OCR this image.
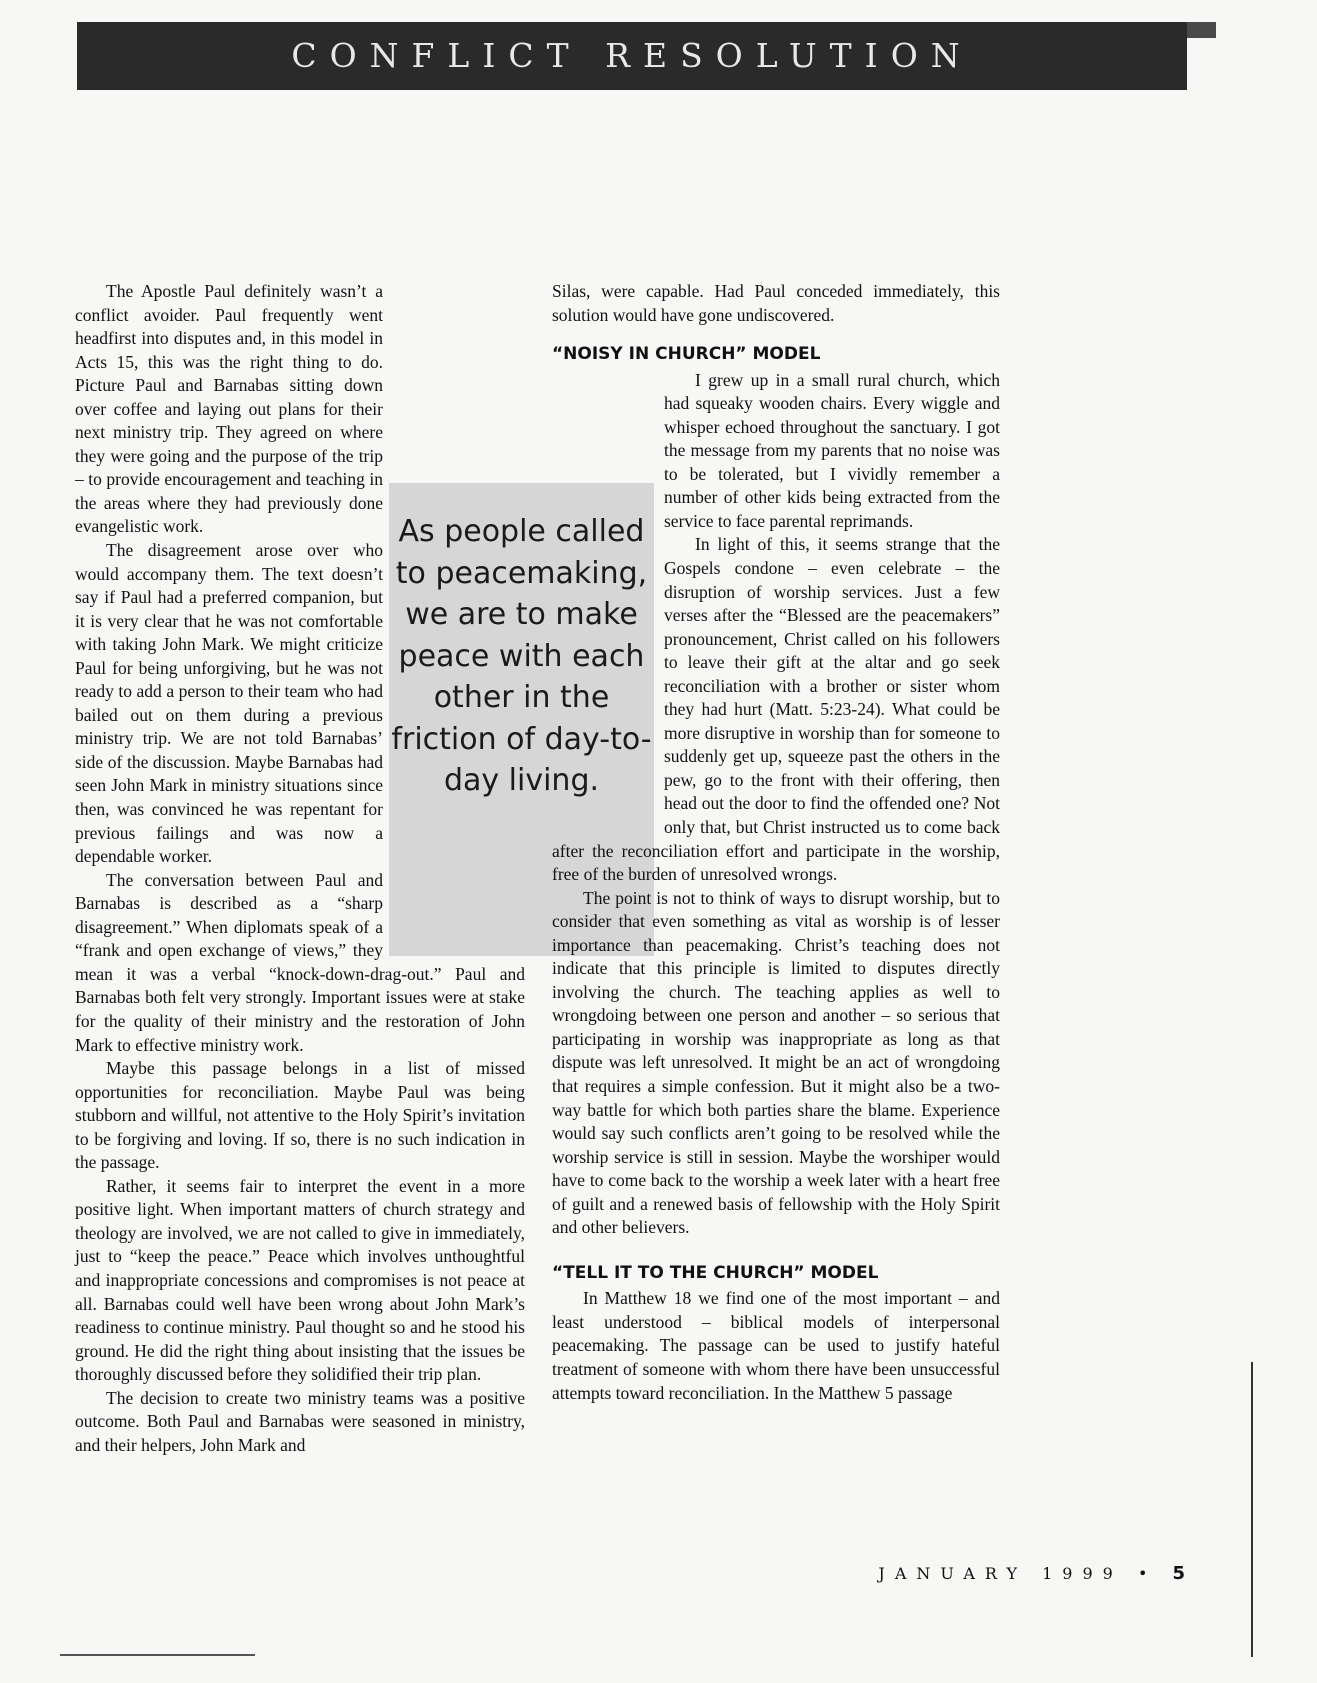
CONFLICT RESOLUTION
As people called to peacemaking, we are to make peace with each other in the friction of day-to-day living.

The Apostle Paul definitely wasn’t a conflict avoider. Paul frequently went headfirst into disputes and, in this model in Acts 15, this was the right thing to do. Picture Paul and Barnabas sitting down over coffee and laying out plans for their next ministry trip. They agreed on where they were going and the purpose of the trip – to provide encouragement and teaching in the areas where they had previously done evangelistic work.

The disagreement arose over who would accompany them. The text doesn’t say if Paul had a preferred companion, but it is very clear that he was not comfortable with taking John Mark. We might criticize Paul for being unforgiving, but he was not ready to add a person to their team who had bailed out on them during a previous ministry trip. We are not told Barnabas’ side of the discussion. Maybe Barnabas had seen John Mark in ministry situations since then, was convinced he was repentant for previous failings and was now a dependable worker.

The conversation between Paul and Barnabas is described as a “sharp disagreement.” When diplomats speak of a “frank and open exchange of views,” they mean it was a verbal “knock-down-drag-out.” Paul and Barnabas both felt very strongly. Important issues were at stake for the quality of their ministry and the restoration of John Mark to effective ministry work.

Maybe this passage belongs in a list of missed opportunities for reconciliation. Maybe Paul was being stubborn and willful, not attentive to the Holy Spirit’s invitation to be forgiving and loving. If so, there is no such indication in the passage.

Rather, it seems fair to interpret the event in a more positive light. When important matters of church strategy and theology are involved, we are not called to give in immediately, just to “keep the peace.” Peace which involves unthoughtful and inappropriate concessions and compromises is not peace at all. Barnabas could well have been wrong about John Mark’s readiness to continue ministry. Paul thought so and he stood his ground. He did the right thing about insisting that the issues be thoroughly discussed before they solidified their trip plan.

The decision to create two ministry teams was a positive outcome. Both Paul and Barnabas were seasoned in ministry, and their helpers, John Mark and

Silas, were capable. Had Paul conceded immediately, this solution would have gone undiscovered.

“NOISY IN CHURCH” MODEL

I grew up in a small rural church, which had squeaky wooden chairs. Every wiggle and whisper echoed throughout the sanctuary. I got the message from my parents that no noise was to be tolerated, but I vividly remember a number of other kids being extracted from the service to face parental reprimands.

In light of this, it seems strange that the Gospels condone – even celebrate – the disruption of worship services. Just a few verses after the “Blessed are the peacemakers” pronouncement, Christ called on his followers to leave their gift at the altar and go seek reconciliation with a brother or sister whom they had hurt (Matt. 5:23-24). What could be more disruptive in worship than for someone to suddenly get up, squeeze past the others in the pew, go to the front with their offering, then head out the door to find the offended one? Not only that, but Christ instructed us to come back after the reconciliation effort and participate in the worship, free of the burden of unresolved wrongs.

The point is not to think of ways to disrupt worship, but to consider that even something as vital as worship is of lesser importance than peacemaking. Christ’s teaching does not indicate that this principle is limited to disputes directly involving the church. The teaching applies as well to wrongdoing between one person and another – so serious that participating in worship was inappropriate as long as that dispute was left unresolved. It might be an act of wrongdoing that requires a simple confession. But it might also be a two-way battle for which both parties share the blame. Experience would say such conflicts aren’t going to be resolved while the worship service is still in session. Maybe the worshiper would have to come back to the worship a week later with a heart free of guilt and a renewed basis of fellowship with the Holy Spirit and other believers.

“TELL IT TO THE CHURCH” MODEL

In Matthew 18 we find one of the most important – and least understood – biblical models of interpersonal peacemaking. The passage can be used to justify hateful treatment of someone with whom there have been unsuccessful attempts toward reconciliation. In the Matthew 5 passage

JANUARY 1999 • 5
